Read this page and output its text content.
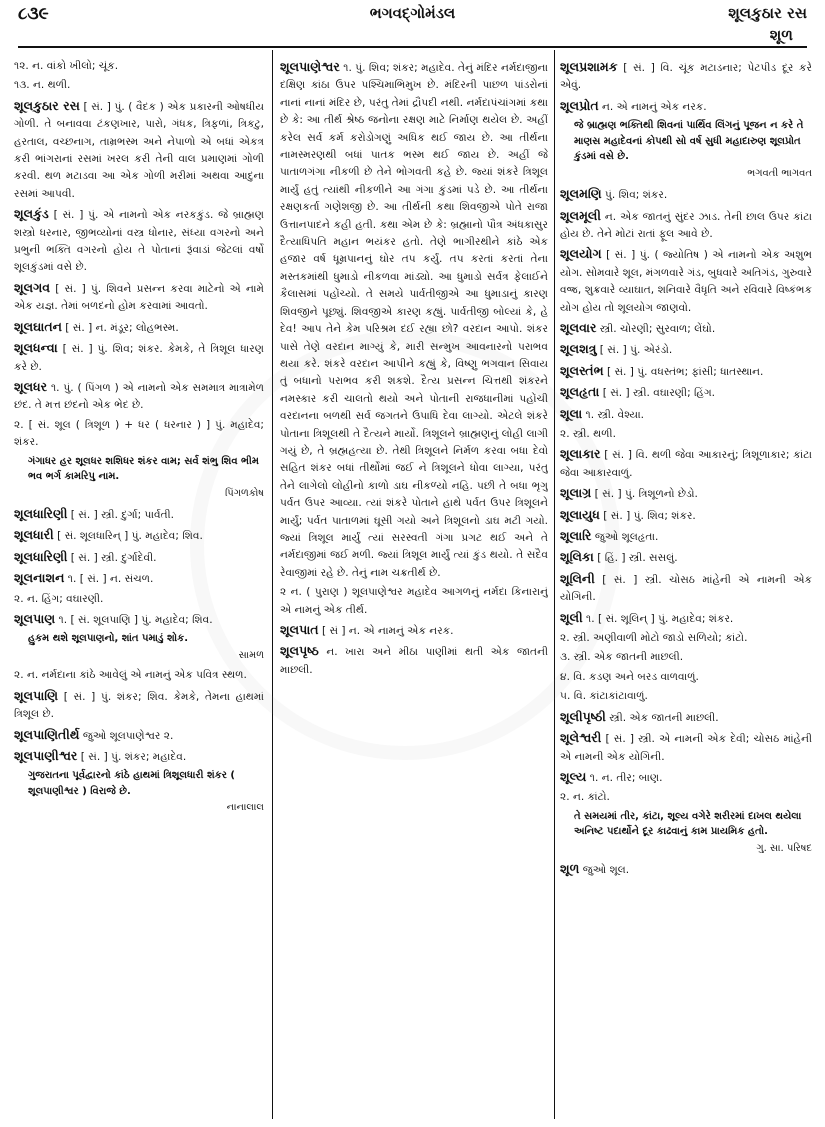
૮૩૯	ભગવદ્ગોમંડલ	શૂલકુઠાર રસ
શૂળ
૧૨. ન. વાંકો ખીલો; ચૂંક.
૧૩. ન. થળી.
શૂલકુઠાર રસ [ સં. ] પું. ( વૈદક ) એક પ્રકારની ઓષધીય ગોળી. તે બનાવવા ટંકણખાર, પારો, ગંધક, ત્રિફળાં, ત્રિકટુ, હરતાલ, વચ્છનાગ, તામ્રભસ્મ અને નેપાળો એ બધાં એકત્ર કરી ભાંગરાનાં રસમાં ખરલ કરી તેની વાલ પ્રમાણમાં ગોળી કરવી. થળ મટાડવા આ એક ગોળી મરીમાં અથવા આદુના રસમાં આપવી.
શૂલકુંડ [ સં. ] પું. એ નામનો એક નરકકુંડ. જે બ્રાહ્મણ શસ્ત્રો ધરનાર, જીભવ્યોનાં વસ્ત્ર ધોનાર, સંધ્યા વગરનો અને પ્રભુની ભક્તિ વગરનો હોય તે પોતાનાં રૂંવાડાં જેટલાં વર્ષો શૂલકુંડમાં વસે છે.
શૂલગવ [ સં. ] પું. શિવને પ્રસન્ન કરવા માટેનો એ નામે એક યજ્ઞ. તેમાં બળદનો હોમ કરવામાં આવતો.
શૂલઘાતન [ સં. ] ન. મંડૂર; લોહભસ્મ.
શૂલધન્વા [ સં. ] પું. શિવ; શંકર. કેમકે, તે ત્રિશૂલ ધારણ કરે છે.
શૂલધર ૧. પું. ( પિંગળ ) એ નામનો એક સમમાત્ર માત્રામેળ છંદ. તે મત્ત છંદનો એક ભેદ છે.
૨. [ સં. શૂલ ( ત્રિશૂળ ) + ધર ( ધરનાર ) ] પું. મહાદેવ; શંકર.
ગંગાધર હર શૂલધર શશિધર શંકર વામ; સર્વ શંભુ શિવ ભીમ ભવ ભર્ગ કામરિપુ નામ.
પિંગળકોષ
શૂલધારિણી [ સં. ] સ્ત્રી. દુર્ગા; પાર્વતી.
શૂલધારી [ સં. શૂલધારિન્ ] પું. મહાદેવ; શિવ.
શૂલધારિણી [ સં. ] સ્ત્રી. દુર્ગાદેવી.
શૂલનાશન ૧. [ સં. ] ન. સંચળ.
૨. ન. હિંગ; વઘારણી.
શૂલપાણ ૧. [ સં. શૂલપાણિ ] પું. મહાદેવ; શિવ.
હુકમ થશે શૂલપાણનો, શાંત પમાડું શોક.
સામળ
૨. ન. નર્મદાના કાંઠે આવેલું એ નામનું એક પવિત્ર સ્થળ.
શૂલપાણિ [ સં. ] પું. શંકર; શિવ. કેમકે, તેમના હાથમાં ત્રિશૂલ છે.
શૂલપાણિતીર્થ જુઓ શૂલપાણેશ્વર ૨.
શૂલપાણીશ્વર [ સં. ] પું. શંકર; મહાદેવ.
ગુજરાતના પૂર્વદ્વારનો કાંઠે હાથમાં ત્રિશૂલધારી શંકર ( શૂલપાણીશ્વર ) વિરાજે છે.
નાનાલાલ
શૂલપાણેશ્વર ૧. પું. શિવ; શંકર; મહાદેવ. તેનું મંદિર નર્મદાજીના દક્ષિણ કાંઠા ઉપર પશ્ચિમાભિમુખ છે. મંદિરની પાછળ પાંડરોનાં નાનાં નાનાં મંદિર છે, પરંતુ તેમાં દ્રૌપદી નથી. નર્મદાપંચાંગમાં કથા છે કે: આ તીર્થ શ્રેષ્ઠ જનોના રક્ષણ માટે નિર્માણ થયેલ છે. અહીં કરેલ સર્વ કર્મ કરોડોગણું અધિક થઈ જાય છે. આ તીર્થના નામસ્મરણથી બધાં પાતક ભસ્મ થઈ જાય છે. અહીં જે પાતાળગંગા નીકળી છે તેને ભોગવતી કહે છે. જ્યાં શંકરે ત્રિશૂલ માર્યું હતું ત્યાંથી નીકળીને આ ગંગા કુંડમાં પડે છે. આ તીર્થના રક્ષણકર્તા ગણેશજી છે. આ તીર્થની કથા શિવજીએ પોતે રાજા ઉત્તાનપાદને કહી હતી. કથા એમ છે કે: બ્રહ્માનો પૌત્ર અંધકાસુર દૈત્યાધિપતિ મહાન ભયંકર હતો. તેણે ભાગીરથીને કાંઠે એક હજાર વર્ષ ધૂમ્રપાનનું ઘોર તપ કર્યું. તપ કરતાં કરતાં તેના મસ્તકમાંથી ધુમાડો નીકળવા માંડ્યો. આ ધુમાડો સર્વત્ર ફેલાઈને કૈલાસમાં પહોંચ્યો. તે સમયે પાર્વતીજીએ આ ધુમાડાનું કારણ શિવજીને પૂછ્યું. શિવજીએ કારણ કહ્યું. પાર્વતીજી બોલ્યાં કે, હે દેવ! આપ તેને કેમ પરિશ્રમ દઈ રહ્યા છો? વરદાન આપો. શંકર પાસે તેણે વરદાન માગ્યું કે, મારી સન્મુખ આવનારનો પરાભવ થયા કરે. શંકરે વરદાન આપીને કહ્યું કે, વિષ્ણુ ભગવાન સિવાય તું બધાનો પરાભવ કરી શકશે. દૈત્ય પ્રસન્ન ચિત્તથી શંકરને નમસ્કાર કરી ચાલતો થયો અને પોતાની રાજધાનીમાં પહોંચી વરદાનના બળથી સર્વ જગતને ઉપાધિ દેવા લાગ્યો. એટલે શંકરે પોતાના ત્રિશૂલથી તે દૈત્યને માર્યો. ત્રિશૂલને બ્રાહ્મણનું લોહી લાગી ગયું છે, તે બ્રહ્મહત્યા છે. તેથી ત્રિશૂલને નિર્મળ કરવા બધા દેવો સહિત શંકર બધાં તીર્થોમાં જઈ ને ત્રિશૂલને ધોવા લાગ્યા, પરંતુ તેને લાગેલો લોહીનો કાળો ડાઘ નીકળ્યો નહિ. પછી તે બધા ભૃગુ પર્વત ઉપર આવ્યા. ત્યાં શંકરે પોતાને હાથે પર્વત ઉપર ત્રિશૂલને માર્યું; પર્વત પાતાળમાં ઘૂસી ગયો અને ત્રિશૂલનો ડાઘ મટી ગયો. જ્યાં ત્રિશૂલ માર્યું ત્યાં સરસ્વતી ગંગા પ્રગટ થઈ અને તે નર્મદાજીમાં જઈ મળી. જ્યાં ત્રિશૂલ માર્યું ત્યાં કુંડ થયો. તે સદૈવ રેવાજીમાં રહે છે. તેનું નામ ચક્રતીર્થ છે.
૨ ન. ( પુરાણ ) શૂલપાણેશ્વર મહાદેવ આગળનું નર્મદા કિનારાનું એ નામનું એક તીર્થ.
શૂલપાત [ સં ] ન. એ નામનું એક નરક.
શૂલપૃષ્ઠ ન. ખારા અને મીઠા પાણીમાં થતી એક જાતની માછલી.
શૂલપ્રશામક [ સં. ] વિ. ચૂંક મટાડનાર; પેટપીડ દૂર કરે એવું.
શૂલપ્રોત ન. એ નામનું એક નરક.
જે બ્રાહ્મણ ભક્તિથી શિવનાં પાર્થિવ લિંગનું પૂજન ન કરે તે માણસ મહાદેવનાં કોપથી સો વર્ષ સુધી મહાદારુણ શૂલપ્રોત કુંડમાં વસે છે.
ભગવતી ભાગવત
શૂલમણિ પું. શિવ; શંકર.
શૂલમૂલી ન. એક જાતનું સુંદર ઝાડ. તેની છાલ ઉપર કાંટા હોય છે. તેને મોટાં રાતાં ફૂલ આવે છે.
શૂલયોગ [ સં. ] પું. ( જ્યોતિષ ) એ નામનો એક અશુભ યોગ. સોમવારે શૂલ, મંગળવારે ગંડ, બુધવારે અતિગંડ, ગુરુવારે વજ્ર, શુક્રવારે વ્યાઘાત, શનિવારે વૈધૃતિ અને રવિવારે વિષ્કંભક યોગ હોય તો શૂલયોગ જાણવો.
શૂલવાર સ્ત્રી. ચોરણી; સુરવાળ; લેંઘો.
શૂલશત્રુ [ સં. ] પું. એરંડો.
શૂલસ્તંભ [ સં. ] પું. વધસ્તંભ; ફાંસી; ધાતસ્થાન.
શૂલહૃતા [ સં. ] સ્ત્રી. વઘારણી; હિંગ.
શૂલા ૧. સ્ત્રી. વેશ્યા.
૨. સ્ત્રી. થળી.
શૂલાકાર [ સં. ] વિ. થળી જેવા આકારનું; ત્રિશૂળાકાર; કાંટા જેવા આકારવાળું.
શૂલાગ્ર [ સં. ] પું. ત્રિશૂળનો છેડો.
શૂલાયુધ [ સં. ] પું. શિવ; શંકર.
શૂલારિ જુઓ શૂલહૃતા.
શૂલિકા [ હિં. ] સ્ત્રી. સસલું.
શૂલિની [ સં. ] સ્ત્રી. ચોસઠ માંહેની એ નામની એક યોગિની.
શૂલી ૧. [ સં. શૂલિન્ ] પું. મહાદેવ; શંકર.
૨. સ્ત્રી. અણીવાળી મોટો જાડો સળિયો; કાંટો.
૩. સ્ત્રી. એક જાતની માછલી.
૪. વિ. કડણ અને બરડ વાળવાળું.
૫. વિ. કાંટાકાંટાવાળું.
શૂલીપૃષ્ઠી સ્ત્રી. એક જાતની માછલી.
શૂલેશ્વરી [ સં. ] સ્ત્રી. એ નામની એક દેવી; ચોસઠ માંહેની એ નામની એક યોગિની.
શૂલ્ય ૧. ન. તીર; બાણ.
૨. ન. કાંટો.
તે સમયમાં તીર, કાંટા, શૂલ્ય વગેરે શરીરમાં દાખલ થયેલા અનિષ્ટ પદાર્થોને દૂર કાઢવાનું કામ પ્રાયમિક હતો.
ગુ. સા. પરિષદ
શૂળ જુઓ શૂલ.
